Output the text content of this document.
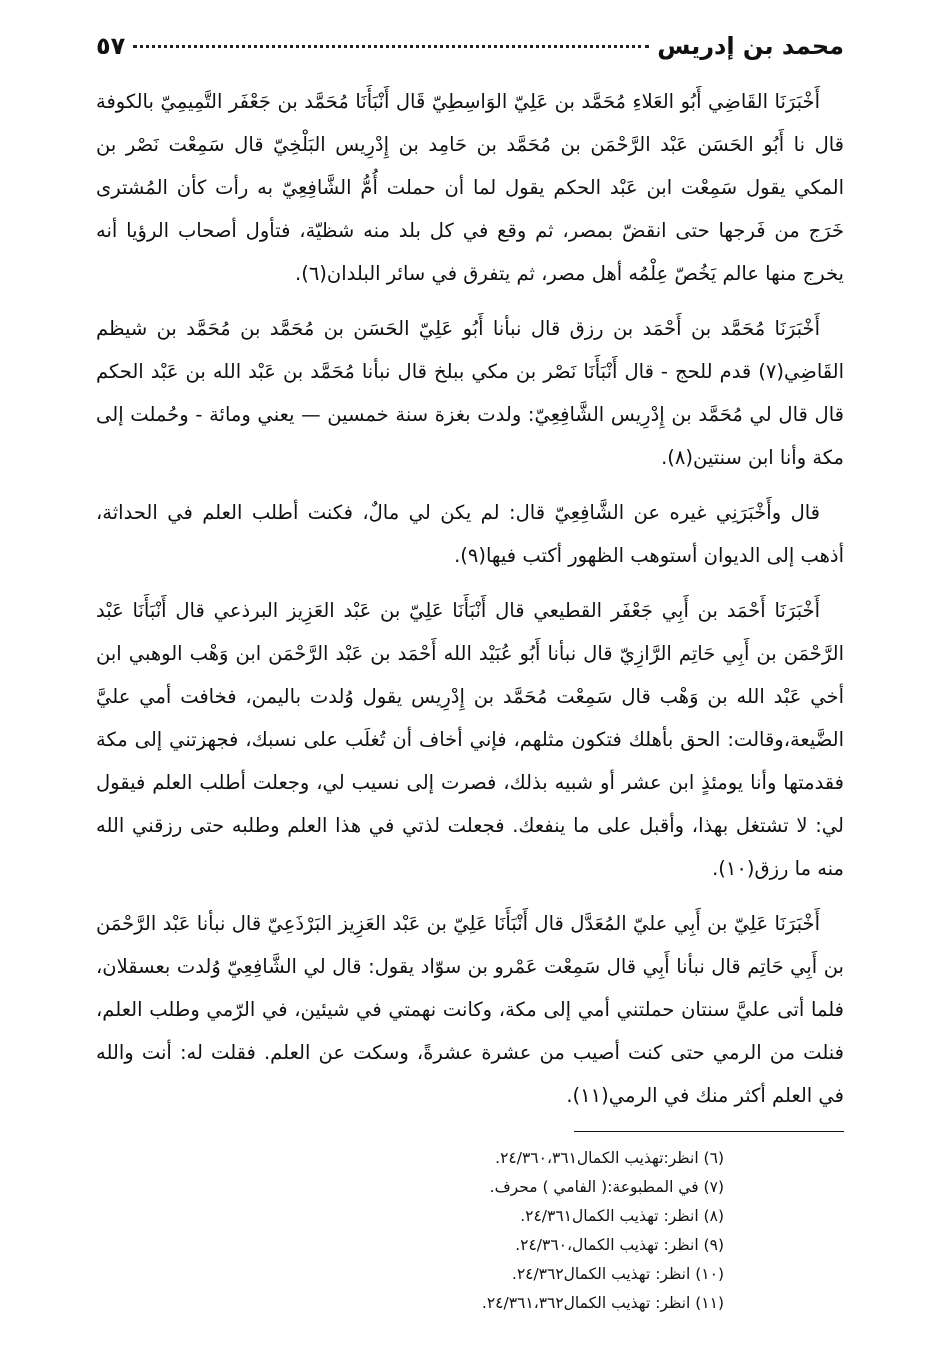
محمد بن إدريس
٥٧

أَخْبَرَنَا القَاضِي أَبُو العَلاءِ مُحَمَّد بن عَلِيّ الوَاسِطِيّ قَال أَنْبَأَنَا مُحَمَّد بن جَعْفَر التَّمِيمِيّ بالكوفة قال نا أَبُو الحَسَن عَبْد الرَّحْمَن بن مُحَمَّد بن حَامِد بن إِدْرِيس البَلْخِيّ قال سَمِعْت نَصْر بن المكي يقول سَمِعْت ابن عَبْد الحكم يقول لما أن حملت أُمُّ الشَّافِعِيّ به رأت كأن المُشترى خَرَج من فَرجها حتى انقضّ بمصر، ثم وقع في كل بلد منه شظيّة، فتأول أصحاب الرؤيا أنه يخرج منها عالم يَخُصّ عِلْمُه أهل مصر، ثم يتفرق في سائر البلدان(٦).

أَخْبَرَنَا مُحَمَّد بن أَحْمَد بن رزق قال نبأنا أَبُو عَلِيّ الحَسَن بن مُحَمَّد بن مُحَمَّد بن شيظم القَاضِي(٧) قدم للحج - قال أَنْبَأَنَا نَصْر بن مكي ببلخ قال نبأنا مُحَمَّد بن عَبْد الله بن عَبْد الحكم قال قال لي مُحَمَّد بن إِدْرِيس الشَّافِعِيّ: ولدت بغزة سنة خمسين — يعني ومائة - وحُملت إلى مكة وأنا ابن سنتين(٨).

قال وأَخْبَرَنِي غيره عن الشَّافِعِيّ قال: لم يكن لي مالٌ، فكنت أطلب العلم في الحداثة، أذهب إلى الديوان أستوهب الظهور أكتب فيها(٩).

أَخْبَرَنَا أَحْمَد بن أَبِي جَعْفَر القطيعي قال أَنْبَأَنَا عَلِيّ بن عَبْد العَزِيز البرذعي قال أَنْبَأَنَا عَبْد الرَّحْمَن بن أَبِي حَاتِم الرَّازِيّ قال نبأنا أَبُو عُبَيْد الله أَحْمَد بن عَبْد الرَّحْمَن ابن وَهْب الوهبي ابن أخي عَبْد الله بن وَهْب قال سَمِعْت مُحَمَّد بن إِدْرِيس يقول وُلدت باليمن، فخافت أمي عليَّ الضَّيعة،وقالت: الحق بأهلك فتكون مثلهم، فإني أخاف أن تُغلَب على نسبك، فجهزتني إلى مكة فقدمتها وأنا يومئذٍ ابن عشر أو شبيه بذلك، فصرت إلى نسيب لي، وجعلت أطلب العلم فيقول لي: لا تشتغل بهذا، وأقبل على ما ينفعك. فجعلت لذتي في هذا العلم وطلبه حتى رزقني الله منه ما رزق(١٠).

أَخْبَرَنَا عَلِيّ بن أَبِي عليّ المُعَدَّل قال أَنْبَأَنَا عَلِيّ بن عَبْد العَزِيز البَرْذَعِيّ قال نبأنا عَبْد الرَّحْمَن بن أَبِي حَاتِم قال نبأنا أَبِي قال سَمِعْت عَمْرو بن سوّاد يقول: قال لي الشَّافِعِيّ وُلدت بعسقلان، فلما أتى عليَّ سنتان حملتني أمي إلى مكة، وكانت نهمتي في شيئين، في الرّمي وطلب العلم، فنلت من الرمي حتى كنت أصيب من عشرة عشرةً، وسكت عن العلم. فقلت له: أنت والله في العلم أكثر منك في الرمي(١١).

(٦) انظر:تهذيب الكمال٢٤/٣٦٠،٣٦١.
(٧) في المطبوعة:( الفامي ) محرف.
(٨) انظر: تهذيب الكمال٢٤/٣٦١.
(٩) انظر: تهذيب الكمال،٢٤/٣٦٠.
(١٠) انظر: تهذيب الكمال٢٤/٣٦٢.
(١١) انظر: تهذيب الكمال٢٤/٣٦١،٣٦٢.
